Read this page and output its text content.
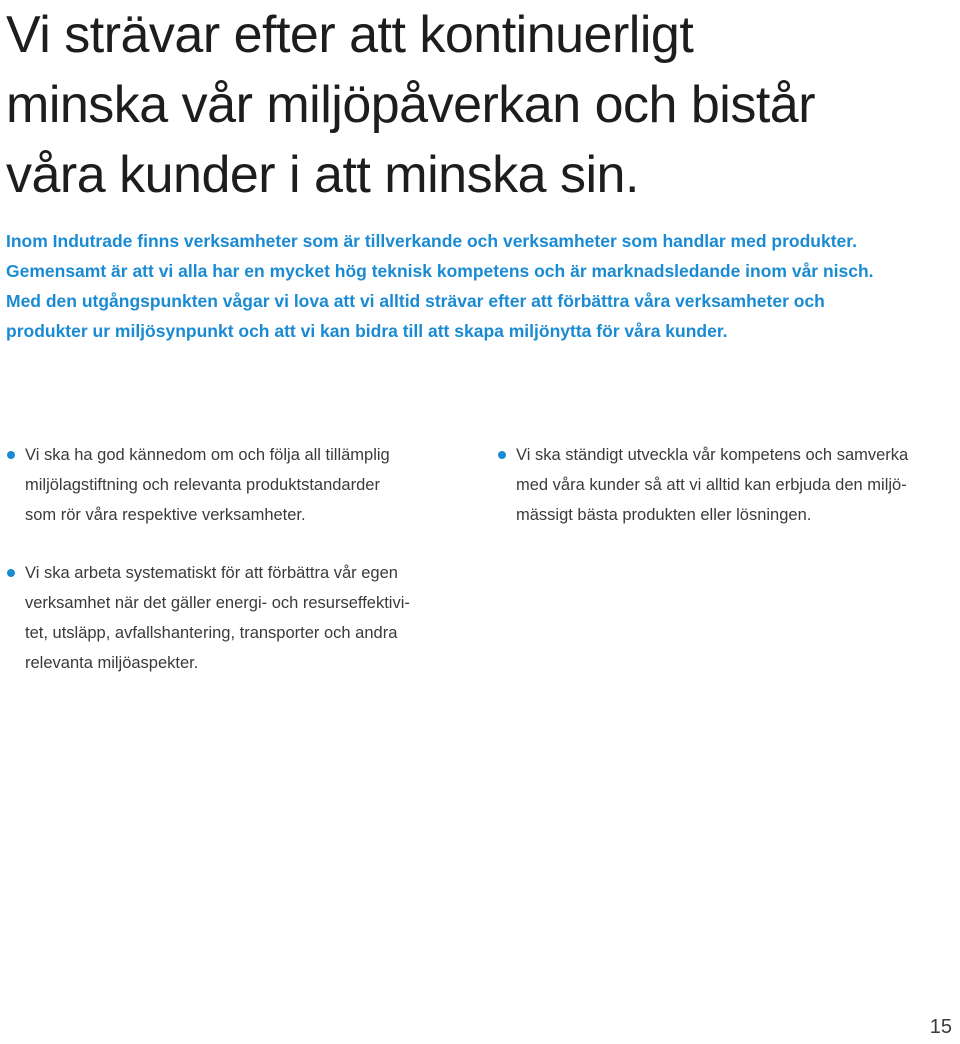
Vi strävar efter att kontinuerligt
minska vår miljöpåverkan och bistår
våra kunder i att minska sin.

Inom Indutrade finns verksamheter som är tillverkande och verksamheter som handlar med produkter.
Gemensamt är att vi alla har en mycket hög teknisk kompetens och är marknadsledande inom vår nisch.
Med den utgångspunkten vågar vi lova att vi alltid strävar efter att förbättra våra verksamheter och
produkter ur miljösynpunkt och att vi kan bidra till att skapa miljönytta för våra kunder.

Vi ska ha god kännedom om och följa all tillämplig
miljölagstiftning och relevanta produktstandarder
som rör våra respektive verksamheter.
Vi ska ständigt utveckla vår kompetens och samverka
med våra kunder så att vi alltid kan erbjuda den miljö-
mässigt bästa produkten eller lösningen.
Vi ska arbeta systematiskt för att förbättra vår egen
verksamhet när det gäller energi- och resurseffektivi-
tet, utsläpp, avfallshantering, transporter och andra
relevanta miljöaspekter.
15
